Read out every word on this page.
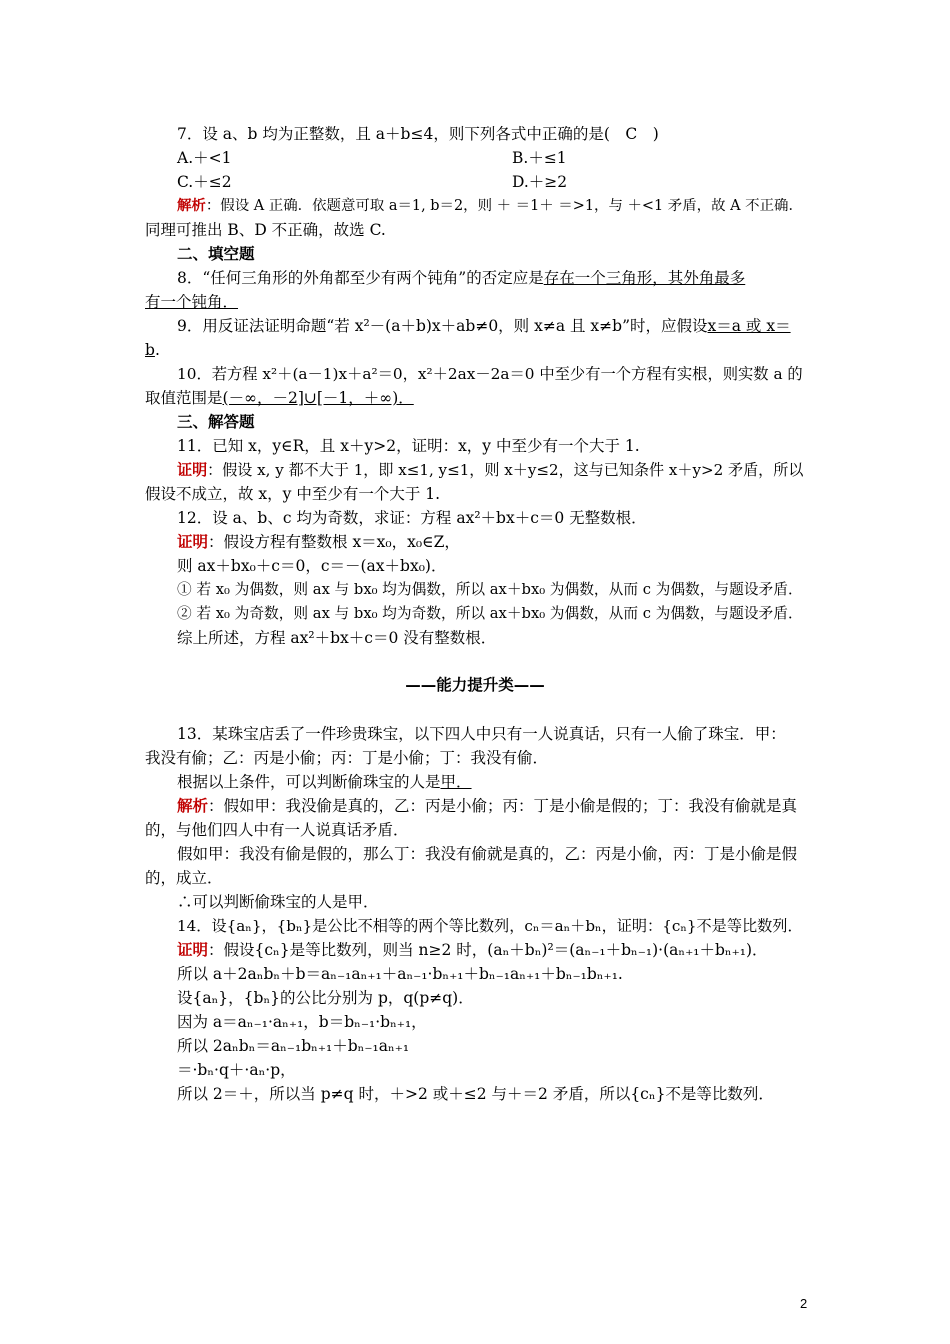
7．设 a、b 均为正整数，且 a＋b≤4，则下列各式中正确的是(　C　)
A.＋<1	B.＋≤1
C.＋≤2	D.＋≥2
解析：假设 A 正确．依题意可取 a＝1, b＝2，则 ＋ ＝1＋ ＝>1，与 ＋<1 矛盾，故 A 不正确．
同理可推出 B、D 不正确，故选 C.
二、填空题
8．“任何三角形的外角都至少有两个钝角”的否定应是存在一个三角形，其外角最多
有一个钝角．
9．用反证法证明命题“若 x²－(a＋b)x＋ab≠0，则 x≠a 且 x≠b”时，应假设x＝a 或 x＝
b.
10．若方程 x²＋(a－1)x＋a²＝0，x²＋2ax－2a＝0 中至少有一个方程有实根，则实数 a 的
取值范围是(－∞，－2]∪[－1，＋∞)．
三、解答题
11．已知 x，y∈R，且 x＋y>2，证明：x，y 中至少有一个大于 1.
证明：假设 x, y 都不大于 1，即 x≤1, y≤1，则 x＋y≤2，这与已知条件 x＋y>2 矛盾，所以
假设不成立，故 x，y 中至少有一个大于 1.
12．设 a、b、c 均为奇数，求证：方程 ax²＋bx＋c＝0 无整数根．
证明：假设方程有整数根 x＝x₀，x₀∈Z，
则 ax＋bx₀＋c＝0，c＝－(ax＋bx₀)．
① 若 x₀ 为偶数，则 ax 与 bx₀ 均为偶数，所以 ax＋bx₀ 为偶数，从而 c 为偶数，与题设矛盾．
② 若 x₀ 为奇数，则 ax 与 bx₀ 均为奇数，所以 ax＋bx₀ 为偶数，从而 c 为偶数，与题设矛盾．
综上所述，方程 ax²＋bx＋c＝0 没有整数根．
——能力提升类——
13．某珠宝店丢了一件珍贵珠宝，以下四人中只有一人说真话，只有一人偷了珠宝．甲：
我没有偷；乙：丙是小偷；丙：丁是小偷；丁：我没有偷．
根据以上条件，可以判断偷珠宝的人是甲．
解析：假如甲：我没偷是真的，乙：丙是小偷；丙：丁是小偷是假的；丁：我没有偷就是真
的，与他们四人中有一人说真话矛盾．
假如甲：我没有偷是假的，那么丁：我没有偷就是真的，乙：丙是小偷，丙：丁是小偷是假
的，成立．
∴可以判断偷珠宝的人是甲．
14．设{aₙ}，{bₙ}是公比不相等的两个等比数列，cₙ＝aₙ＋bₙ，证明：{cₙ}不是等比数列．
证明：假设{cₙ}是等比数列，则当 n≥2 时，(aₙ＋bₙ)²＝(aₙ₋₁＋bₙ₋₁)·(aₙ₊₁＋bₙ₊₁)．
所以 a＋2aₙbₙ＋b＝aₙ₋₁aₙ₊₁＋aₙ₋₁·bₙ₊₁＋bₙ₋₁aₙ₊₁＋bₙ₋₁bₙ₊₁.
设{aₙ}，{bₙ}的公比分别为 p，q(p≠q)．
因为 a＝aₙ₋₁·aₙ₊₁，b＝bₙ₋₁·bₙ₊₁，
所以 2aₙbₙ＝aₙ₋₁bₙ₊₁＋bₙ₋₁aₙ₊₁
＝·bₙ·q＋·aₙ·p，
所以 2＝＋，所以当 p≠q 时，＋>2 或＋≤2 与＋＝2 矛盾，所以{cₙ}不是等比数列．
2
